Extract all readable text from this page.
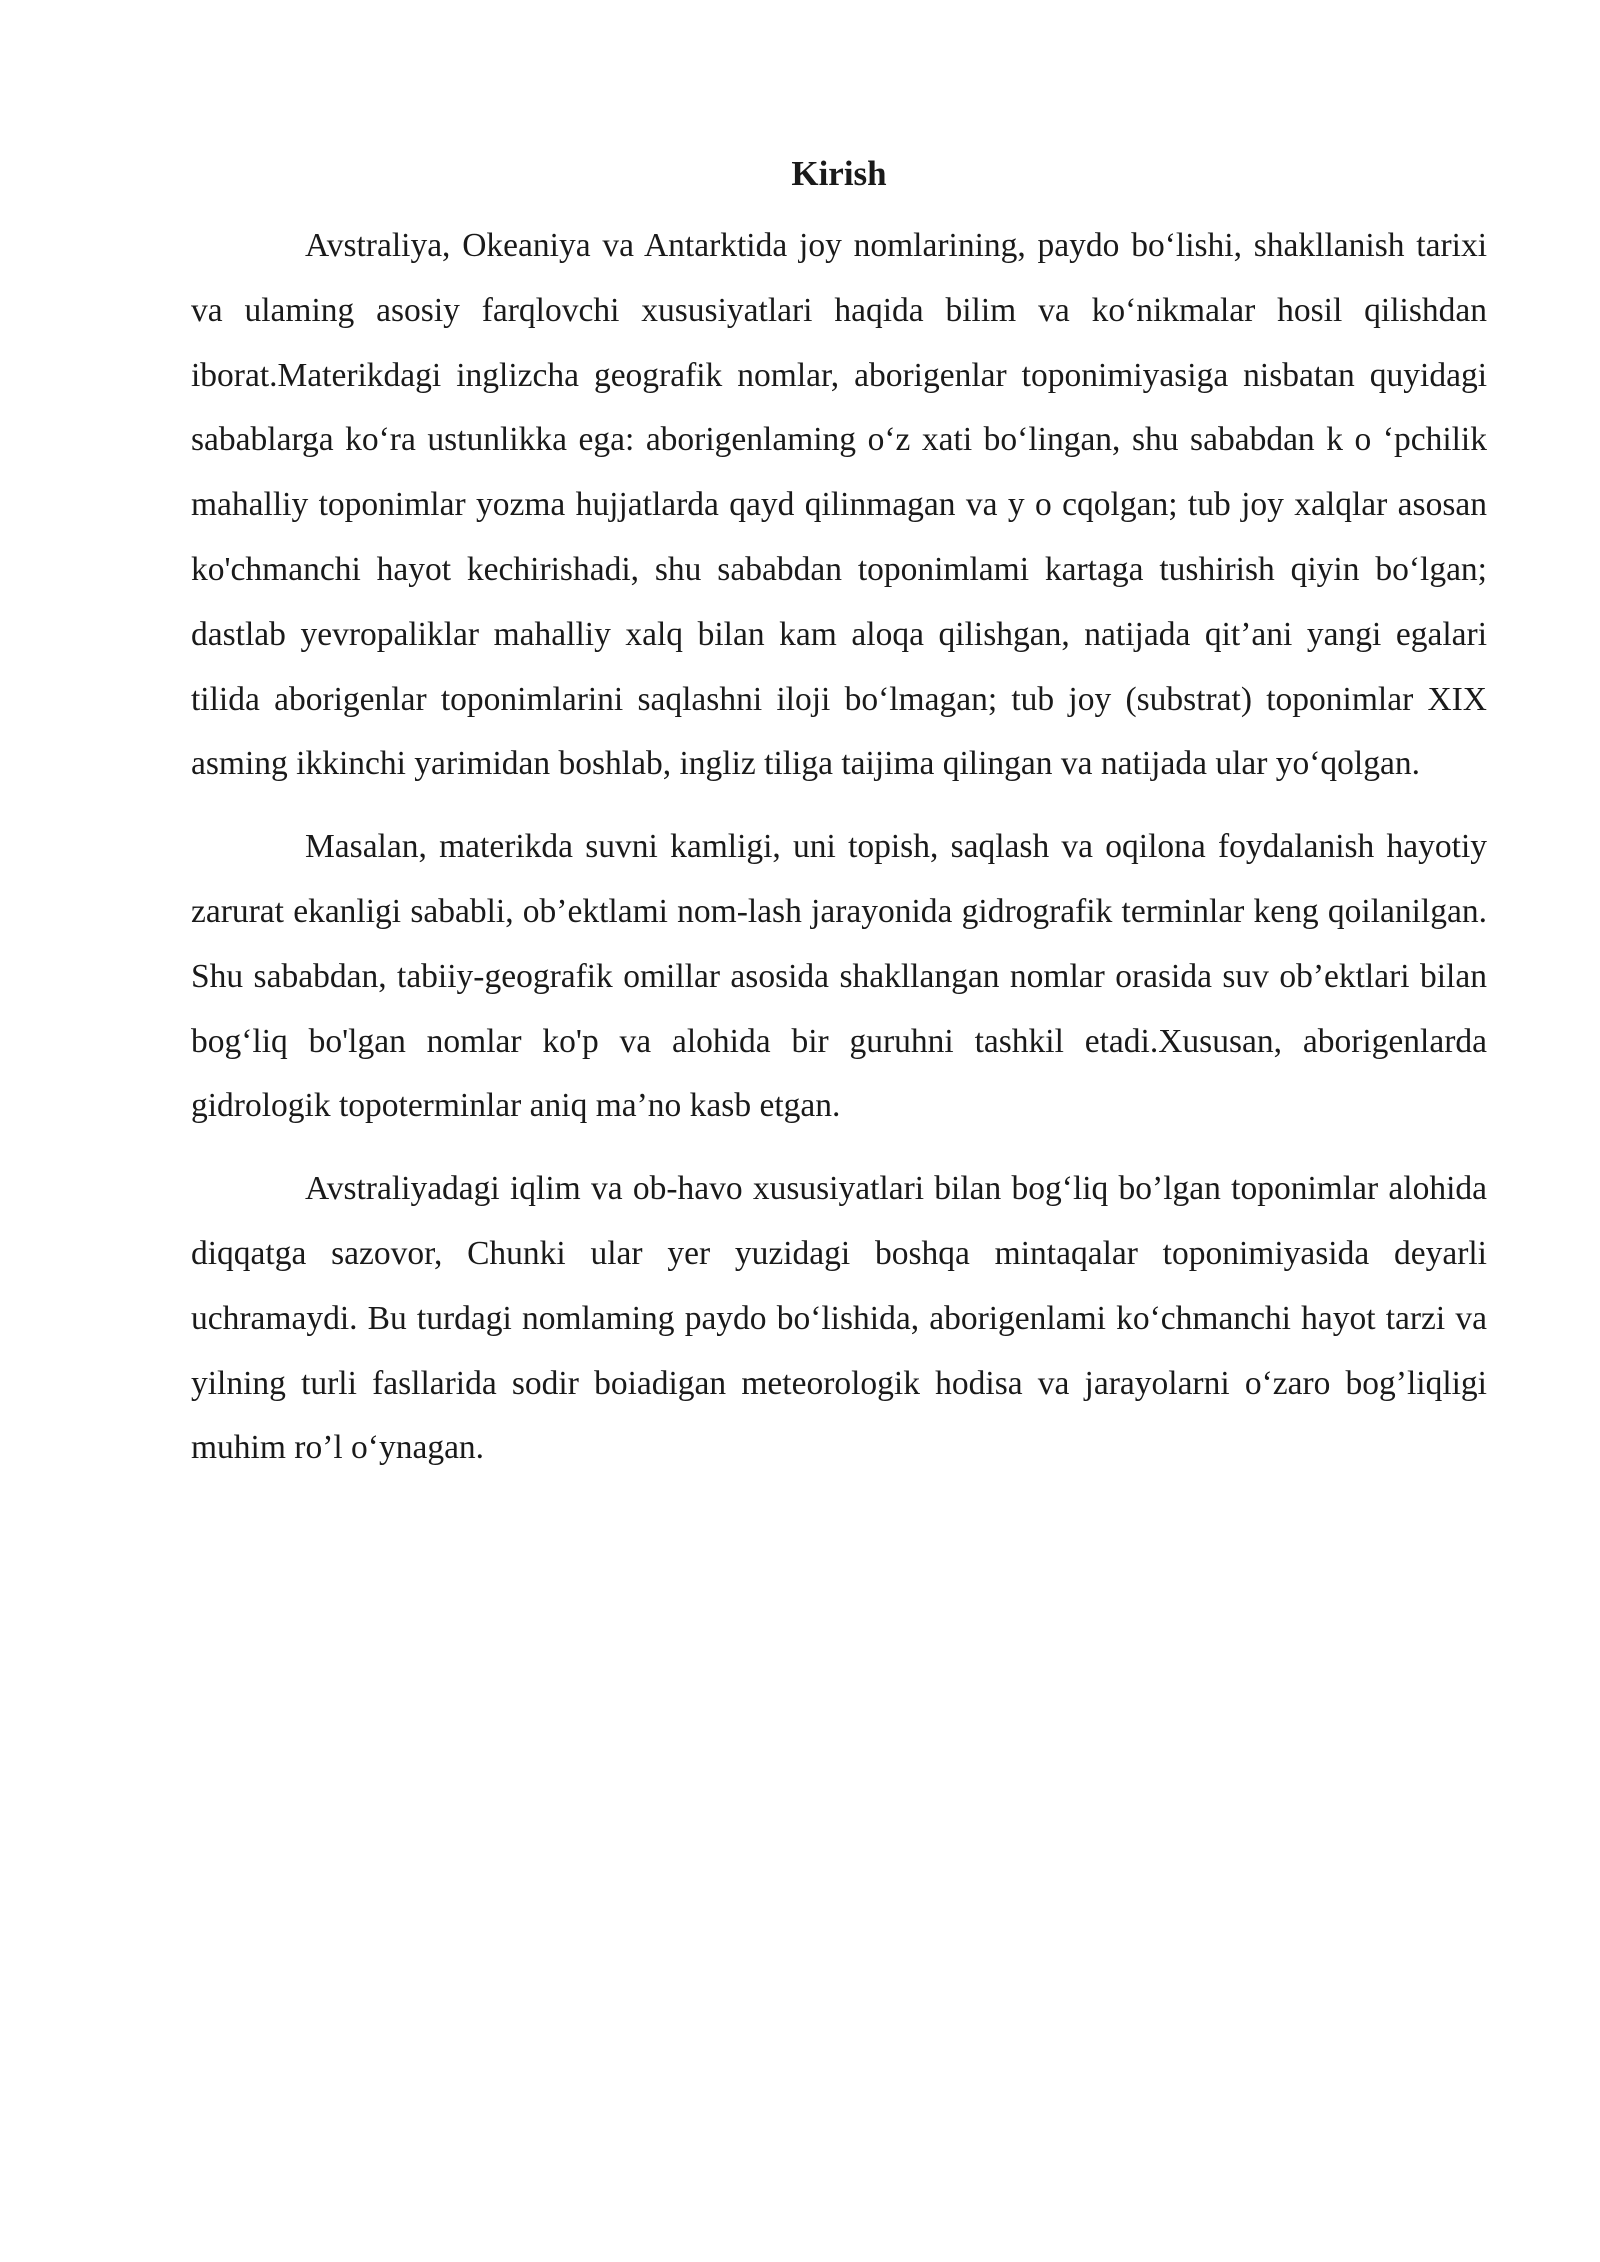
Kirish

Avstraliya, Okeaniya va Antarktida joy nomlarining, paydo bo‘lishi, shakllanish tarixi va ulaming asosiy farqlovchi xususiyatlari haqida bilim va ko‘nikmalar hosil qilishdan iborat.Materikdagi inglizcha geografik nomlar, aborigenlar toponimiyasiga nisbatan quyidagi sabablarga ko‘ra ustunlikka ega: aborigenlaming o‘z xati bo‘lingan, shu sababdan k o ‘pchilik mahalliy toponimlar yozma hujjatlarda qayd qilinmagan va y o cqolgan; tub joy xalqlar asosan ko'chmanchi hayot kechirishadi, shu sababdan toponimlami kartaga tushirish qiyin bo‘lgan; dastlab yevropaliklar mahalliy xalq bilan kam aloqa qilishgan, natijada qit’ani yangi egalari tilida aborigenlar toponimlarini saqlashni iloji bo‘lmagan; tub joy (substrat) toponimlar XIX asming ikkinchi yarimidan boshlab, ingliz tiliga taijima qilingan va natijada ular yo‘qolgan.

Masalan, materikda suvni kamligi, uni topish, saqlash va oqilona foydalanish hayotiy zarurat ekanligi sababli, ob’ektlami nom-lash jarayonida gidrografik terminlar keng qoilanilgan. Shu sababdan, tabiiy-geografik omillar asosida shakllangan nomlar orasida suv ob’ektlari bilan bog‘liq bo'lgan nomlar ko'p va alohida bir guruhni tashkil etadi.Xususan, aborigenlarda gidrologik topoterminlar aniq ma’no kasb etgan.

Avstraliyadagi iqlim va ob-havo xususiyatlari bilan bog‘liq bo’lgan toponimlar alohida diqqatga sazovor, Chunki ular yer yuzidagi boshqa mintaqalar toponimiyasida deyarli uchramaydi. Bu turdagi nomlaming paydo bo‘lishida, aborigenlami ko‘chmanchi hayot tarzi va yilning turli fasllarida sodir boiadigan meteorologik hodisa va jarayolarni o‘zaro bog’liqligi muhim ro’l o‘ynagan.
